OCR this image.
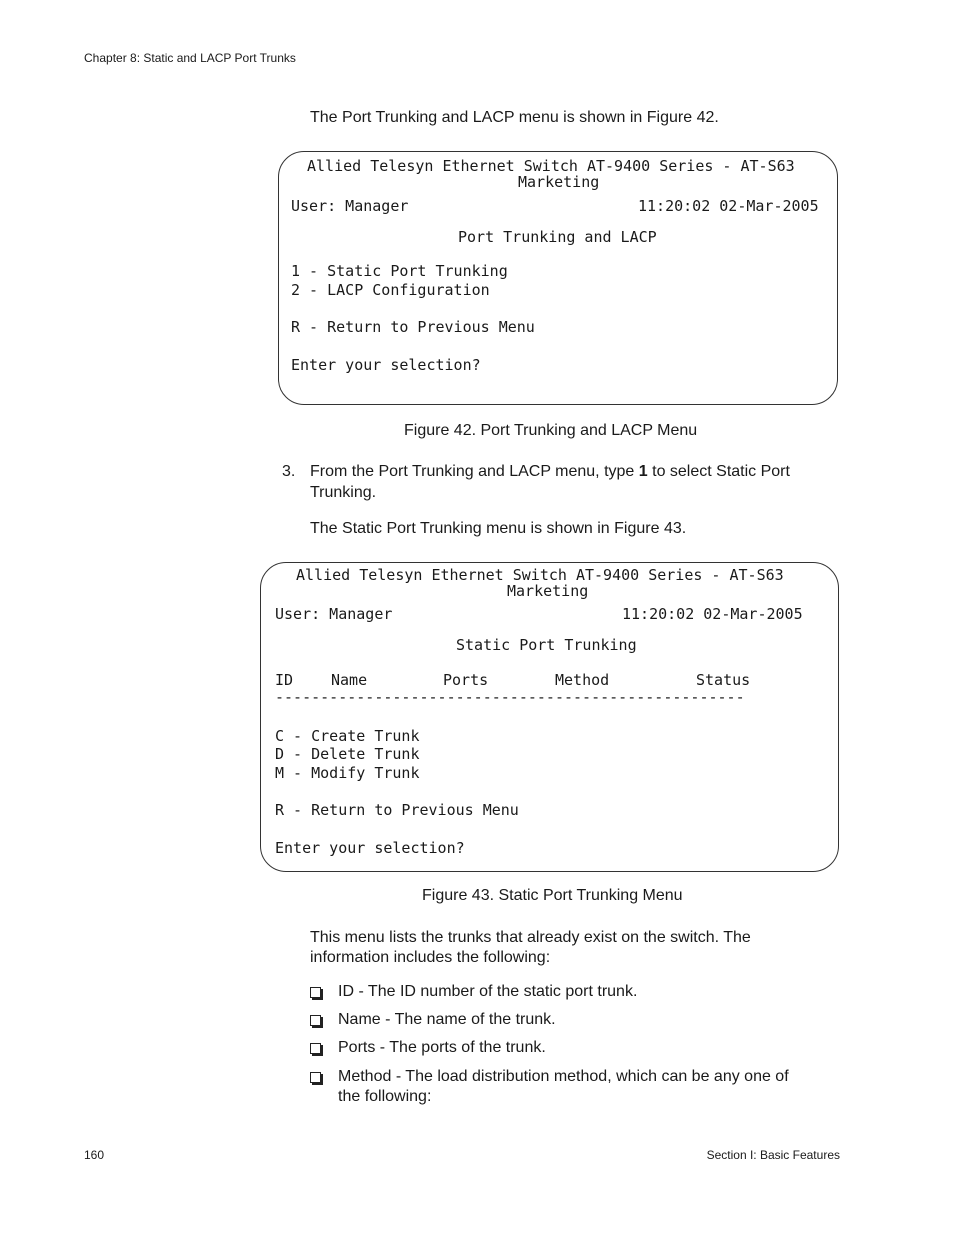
Chapter 8: Static and LACP Port Trunks
The Port Trunking and LACP menu is shown in Figure 42.
Allied Telesyn Ethernet Switch AT-9400 Series - AT-S63
Marketing
User: Manager	11:20:02 02-Mar-2005
Port Trunking and LACP
1 - Static Port Trunking
2 - LACP Configuration
R - Return to Previous Menu
Enter your selection?
Figure 42. Port Trunking and LACP Menu
3. From the Port Trunking and LACP menu, type 1 to select Static Port
Trunking.
The Static Port Trunking menu is shown in Figure 43.
Allied Telesyn Ethernet Switch AT-9400 Series - AT-S63
Marketing
User: Manager	11:20:02 02-Mar-2005
Static Port Trunking
ID	Name	Ports	Method	Status
----------------------------------------------------
C - Create Trunk
D - Delete Trunk
M - Modify Trunk
R - Return to Previous Menu
Enter your selection?
Figure 43. Static Port Trunking Menu
This menu lists the trunks that already exist on the switch. The
information includes the following:
ID - The ID number of the static port trunk.
Name - The name of the trunk.
Ports - The ports of the trunk.
Method - The load distribution method, which can be any one of
the following:
160	Section I: Basic Features
